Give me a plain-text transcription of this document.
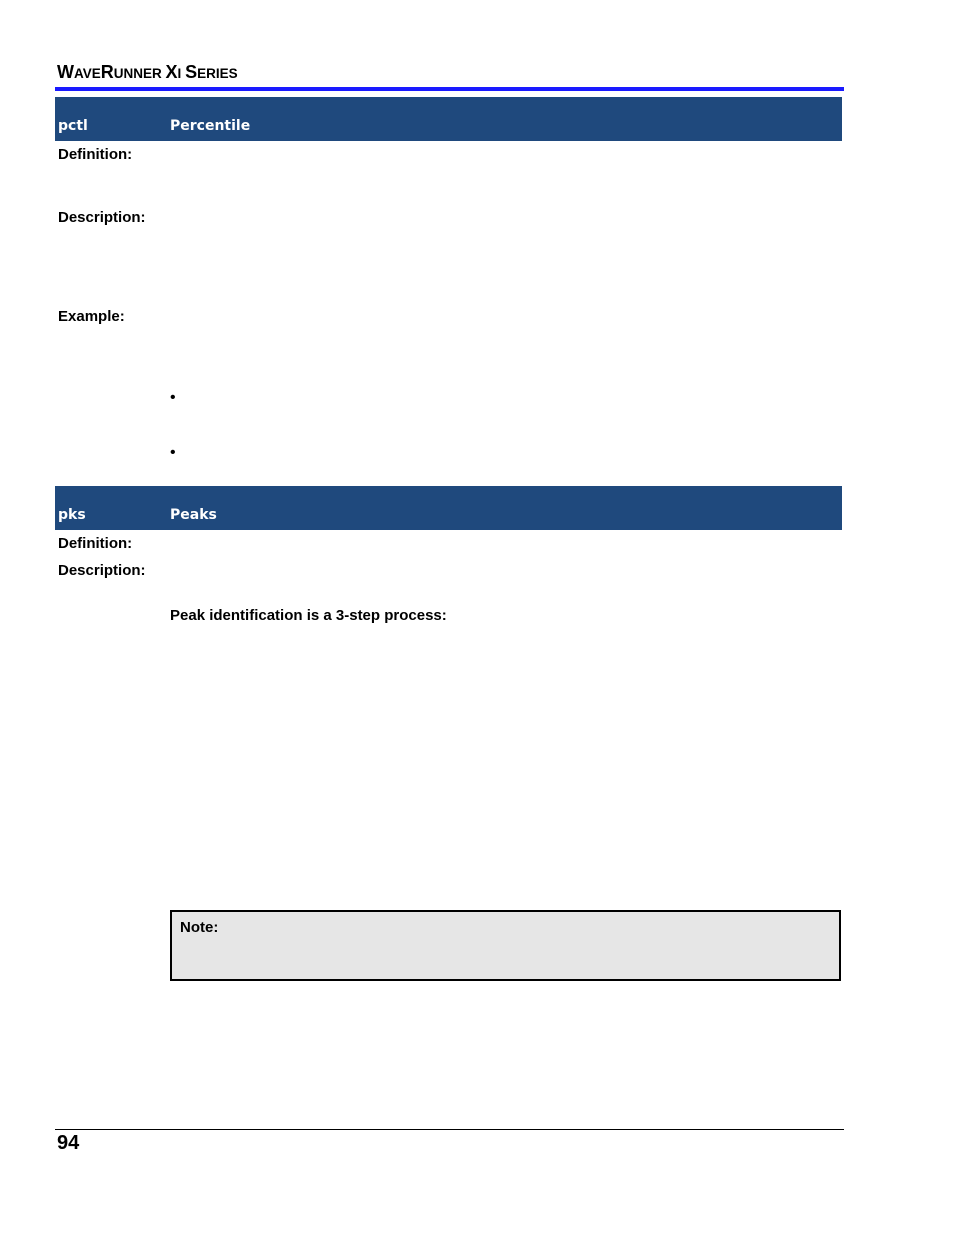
WAVERUNNER XI SERIES
pctl	Percentile
Definition:
Description:
Example:
•
•
pks	Peaks
Definition:
Description:
Peak identification is a 3-step process:
Note:
94
